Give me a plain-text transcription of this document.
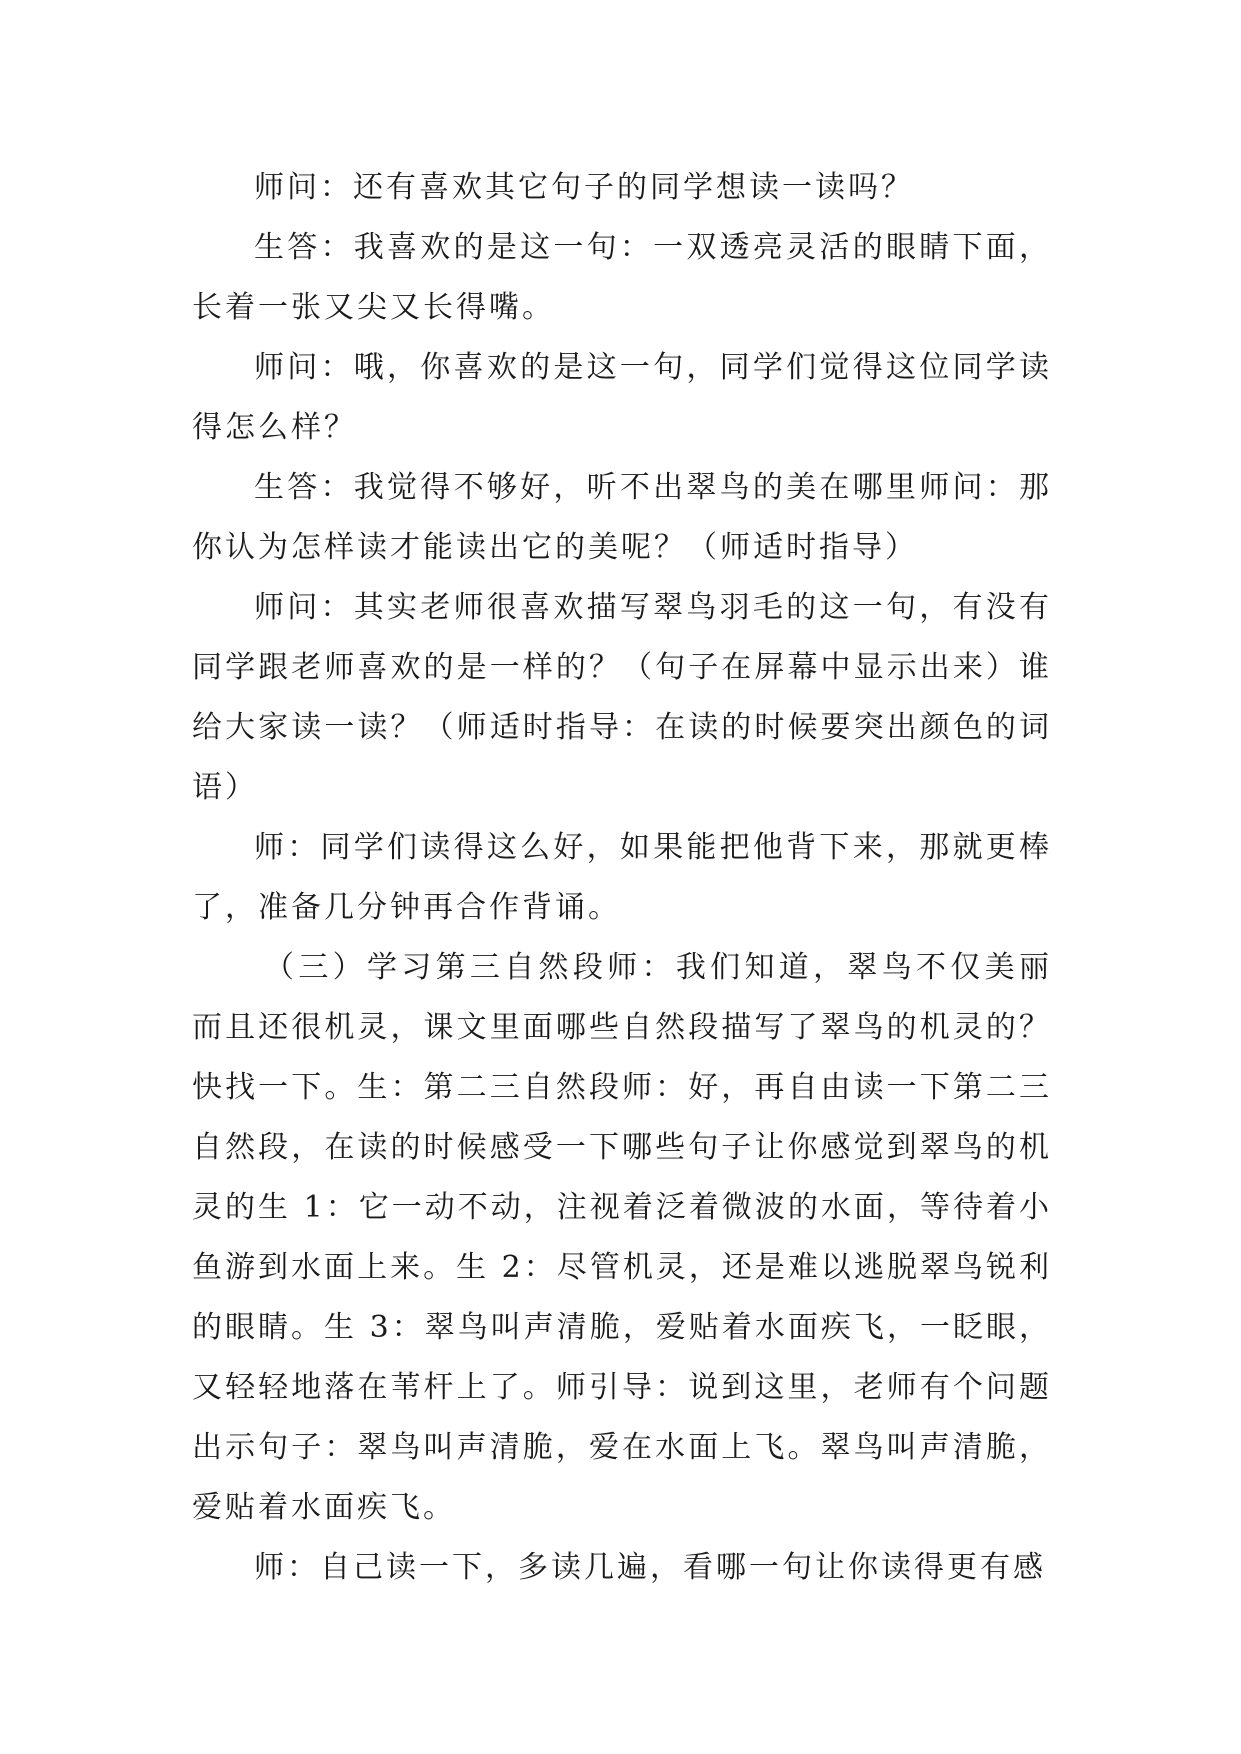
师问：还有喜欢其它句子的同学想读一读吗？

生答：我喜欢的是这一句：一双透亮灵活的眼睛下面，长着一张又尖又长得嘴。

师问：哦，你喜欢的是这一句，同学们觉得这位同学读得怎么样？

生答：我觉得不够好，听不出翠鸟的美在哪里师问：那你认为怎样读才能读出它的美呢？（师适时指导）

师问：其实老师很喜欢描写翠鸟羽毛的这一句，有没有同学跟老师喜欢的是一样的？（句子在屏幕中显示出来）谁给大家读一读？（师适时指导：在读的时候要突出颜色的词语）

师：同学们读得这么好，如果能把他背下来，那就更棒了，准备几分钟再合作背诵。

（三）学习第三自然段师：我们知道，翠鸟不仅美丽而且还很机灵，课文里面哪些自然段描写了翠鸟的机灵的？快找一下。生：第二三自然段师：好，再自由读一下第二三自然段，在读的时候感受一下哪些句子让你感觉到翠鸟的机灵的生 1：它一动不动，注视着泛着微波的水面，等待着小鱼游到水面上来。生 2：尽管机灵，还是难以逃脱翠鸟锐利的眼睛。生 3：翠鸟叫声清脆，爱贴着水面疾飞，一眨眼，又轻轻地落在苇杆上了。师引导：说到这里，老师有个问题出示句子：翠鸟叫声清脆，爱在水面上飞。翠鸟叫声清脆，爱贴着水面疾飞。

师：自己读一下，多读几遍，看哪一句让你读得更有感
